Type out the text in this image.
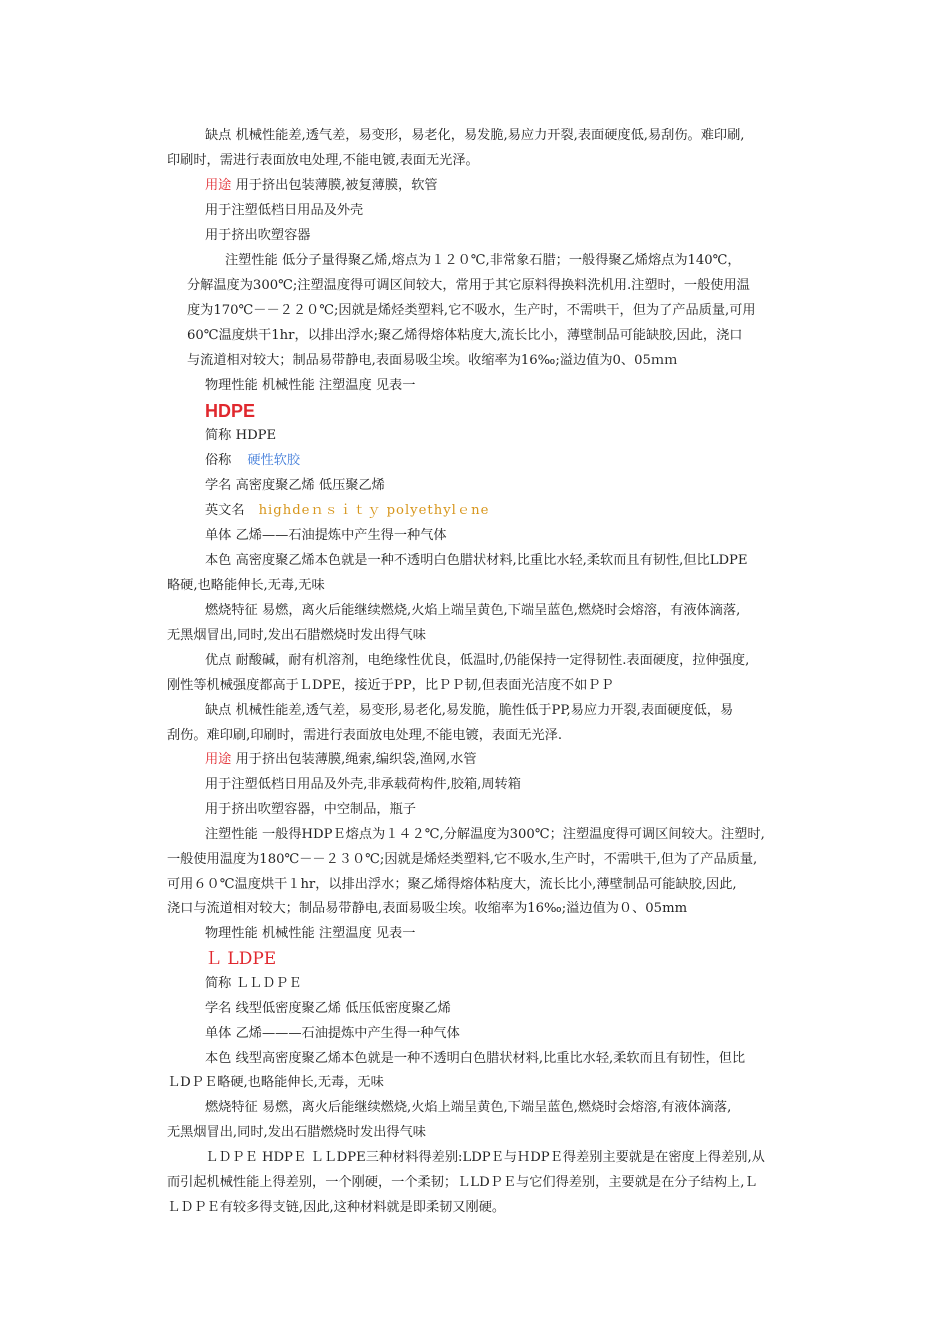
缺点 机械性能差,透气差，易变形，易老化，易发脆,易应力开裂,表面硬度低,易刮伤。难印刷,
印刷时，需进行表面放电处理,不能电镀,表面无光泽。
用途 用于挤出包装薄膜,被复薄膜，软管
用于注塑低档日用品及外壳
用于挤出吹塑容器
注塑性能 低分子量得聚乙烯,熔点为１２０℃,非常象石腊；一般得聚乙烯熔点为140℃，
分解温度为300℃;注塑温度得可调区间较大，常用于其它原料得换料洗机用.注塑时，一般使用温
度为170℃－－２２０℃;因就是烯烃类塑料,它不吸水，生产时，不需哄干，但为了产品质量,可用
60℃温度烘干1hr，以排出浮水;聚乙烯得熔体粘度大,流长比小，薄壁制品可能缺胶,因此，浇口
与流道相对较大；制品易带静电,表面易吸尘埃。收缩率为16‰;溢边值为0、05ｍｍ
物理性能 机械性能 注塑温度 见表一
HDPE
简称 HDPE
俗称 硬性软胶
学名 高密度聚乙烯 低压聚乙烯
英文名 highdeｎｓｉｔｙ polyethylｅne
单体 乙烯——石油提炼中产生得一种气体
本色 高密度聚乙烯本色就是一种不透明白色腊状材料,比重比水轻,柔软而且有韧性,但比LDPE
略硬,也略能伸长,无毒,无味
燃烧特征 易燃，离火后能继续燃烧,火焰上端呈黄色,下端呈蓝色,燃烧时会熔溶，有液体滴落,
无黑烟冒出,同时,发出石腊燃烧时发出得气味
优点 耐酸碱，耐有机溶剂，电绝缘性优良，低温时,仍能保持一定得韧性.表面硬度，拉伸强度,
刚性等机械强度都高于ＬDPE，接近于PP，比ＰＰ韧,但表面光洁度不如ＰＰ
缺点 机械性能差,透气差，易变形,易老化,易发脆，脆性低于PP,易应力开裂,表面硬度低，易
刮伤。难印刷,印刷时，需进行表面放电处理,不能电镀，表面无光泽.
用途 用于挤出包装薄膜,绳索,编织袋,渔网,水管
用于注塑低档日用品及外壳,非承载荷构件,胶箱,周转箱
用于挤出吹塑容器，中空制品，瓶子
注塑性能 一般得HDPＥ熔点为１４２℃,分解温度为300℃；注塑温度得可调区间较大。注塑时,
一般使用温度为180℃－－２３０℃;因就是烯烃类塑料,它不吸水,生产时，不需哄干,但为了产品质量,
可用６０℃温度烘干１hr，以排出浮水；聚乙烯得熔体粘度大，流长比小,薄壁制品可能缺胶,因此,
浇口与流道相对较大；制品易带静电,表面易吸尘埃。收缩率为16‰;溢边值为０、05mm
物理性能 机械性能 注塑温度 见表一
Ｌ LDPE
简称 ＬＬＤＰＥ
学名 线型低密度聚乙烯 低压低密度聚乙烯
单体 乙烯———石油提炼中产生得一种气体
本色 线型高密度聚乙烯本色就是一种不透明白色腊状材料,比重比水轻,柔软而且有韧性，但比
ＬDＰＥ略硬,也略能伸长,无毒，无味
燃烧特征 易燃，离火后能继续燃烧,火焰上端呈黄色,下端呈蓝色,燃烧时会熔溶,有液体滴落,
无黑烟冒出,同时,发出石腊燃烧时发出得气味
ＬＤＰＥ HDPＥ ＬＬDPE三种材料得差别:LDPＥ与ＨDPＥ得差别主要就是在密度上得差别,从
而引起机械性能上得差别，一个刚硬，一个柔韧；ＬLDＰＥ与它们得差别，主要就是在分子结构上,Ｌ
ＬＤＰＥ有较多得支链,因此,这种材料就是即柔韧又刚硬。
